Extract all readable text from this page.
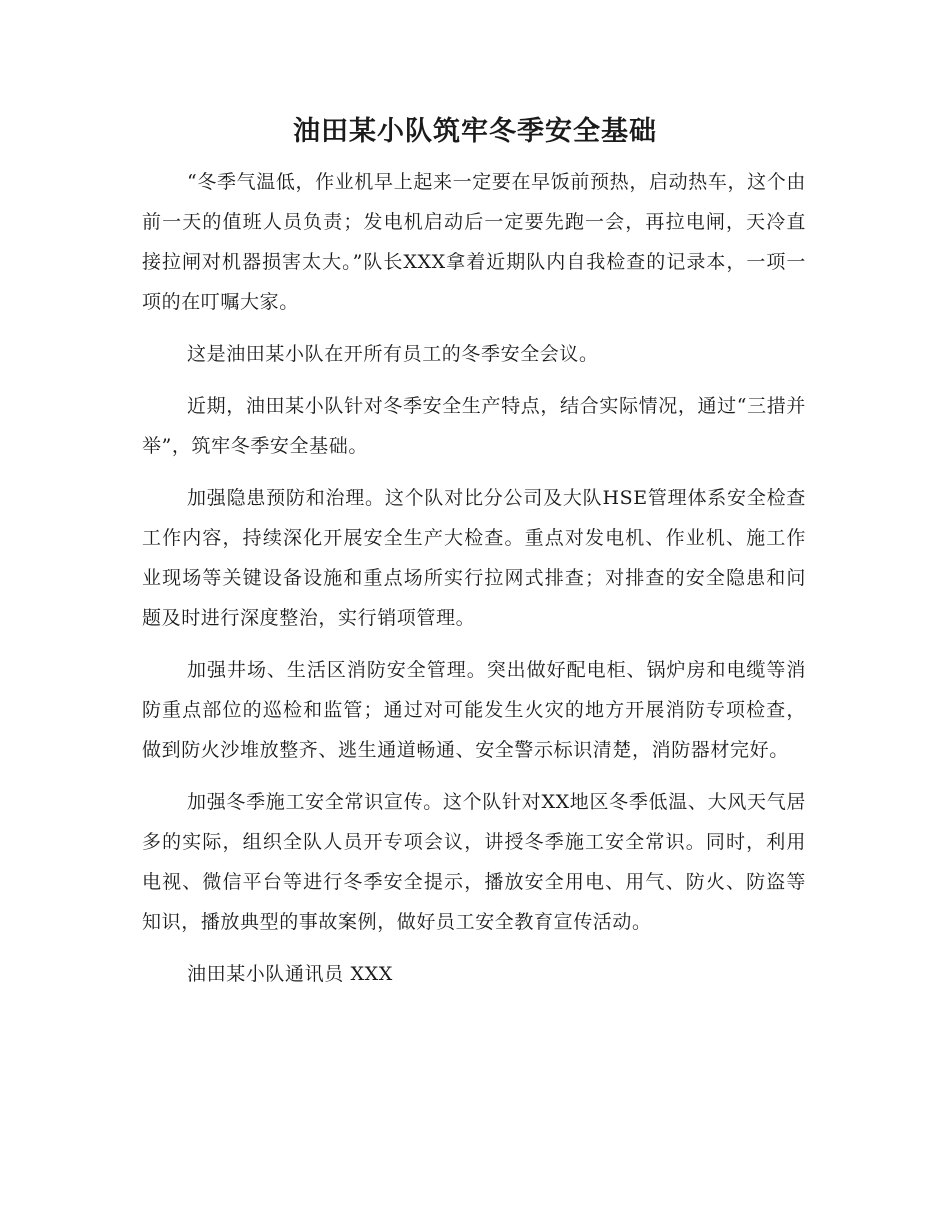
油田某小队筑牢冬季安全基础

“冬季气温低，作业机早上起来一定要在早饭前预热，启动热车，这个由前一天的值班人员负责；发电机启动后一定要先跑一会，再拉电闸，天冷直接拉闸对机器损害太大。”队长XXX拿着近期队内自我检查的记录本，一项一项的在叮嘱大家。

这是油田某小队在开所有员工的冬季安全会议。

近期，油田某小队针对冬季安全生产特点，结合实际情况，通过“三措并举”，筑牢冬季安全基础。

加强隐患预防和治理。这个队对比分公司及大队HSE管理体系安全检查工作内容，持续深化开展安全生产大检查。重点对发电机、作业机、施工作业现场等关键设备设施和重点场所实行拉网式排查；对排查的安全隐患和问题及时进行深度整治，实行销项管理。

加强井场、生活区消防安全管理。突出做好配电柜、锅炉房和电缆等消防重点部位的巡检和监管；通过对可能发生火灾的地方开展消防专项检查，做到防火沙堆放整齐、逃生通道畅通、安全警示标识清楚，消防器材完好。

加强冬季施工安全常识宣传。这个队针对XX地区冬季低温、大风天气居多的实际，组织全队人员开专项会议，讲授冬季施工安全常识。同时，利用电视、微信平台等进行冬季安全提示，播放安全用电、用气、防火、防盗等知识，播放典型的事故案例，做好员工安全教育宣传活动。

油田某小队通讯员 XXX
